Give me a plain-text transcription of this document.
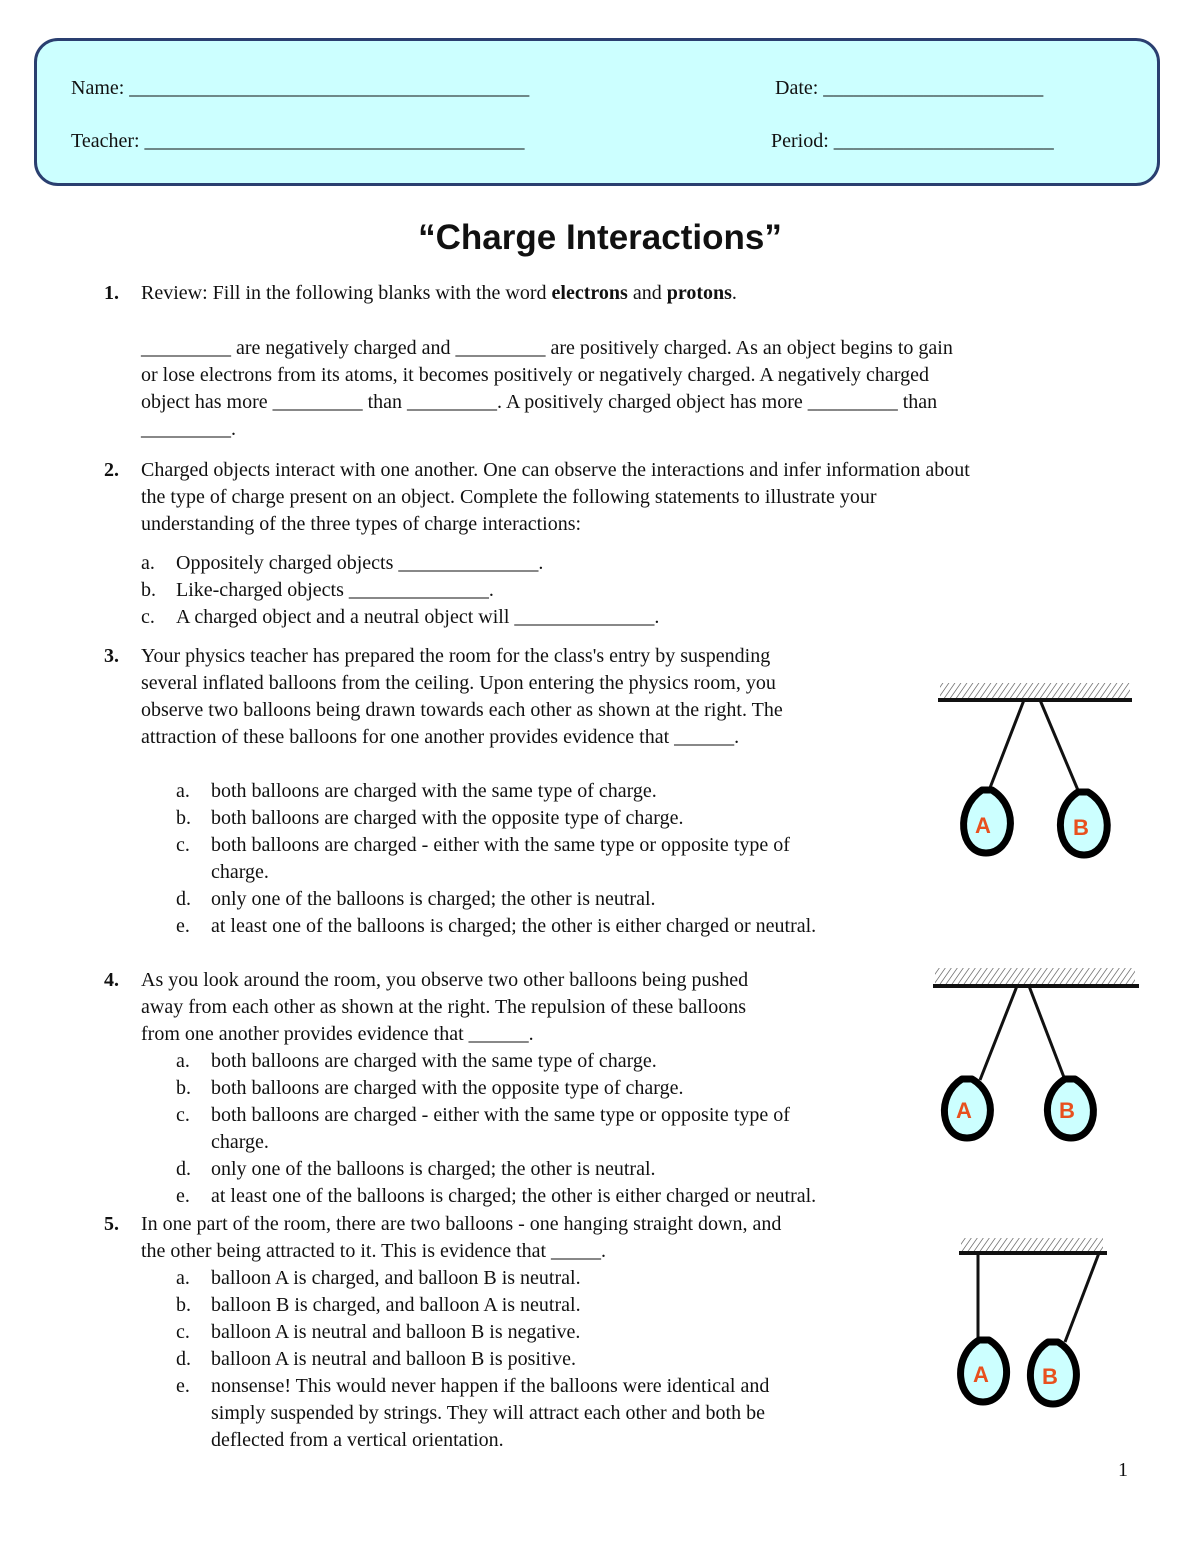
Name: ________________________________________	Date: ______________________
Teacher: ______________________________________	Period: ______________________
“Charge Interactions”
1. Review: Fill in the following blanks with the word electrons and protons.
_________ are negatively charged and _________ are positively charged. As an object begins to gain
or lose electrons from its atoms, it becomes positively or negatively charged. A negatively charged
object has more _________ than _________. A positively charged object has more _________ than
_________.
2. Charged objects interact with one another. One can observe the interactions and infer information about
the type of charge present on an object. Complete the following statements to illustrate your
understanding of the three types of charge interactions:
a. Oppositely charged objects ______________.
b. Like-charged objects ______________.
c. A charged object and a neutral object will ______________.
3. Your physics teacher has prepared the room for the class's entry by suspending
several inflated balloons from the ceiling. Upon entering the physics room, you
observe two balloons being drawn towards each other as shown at the right. The
attraction of these balloons for one another provides evidence that ______.
a. both balloons are charged with the same type of charge.
b. both balloons are charged with the opposite type of charge.
c. both balloons are charged - either with the same type or opposite type of
charge.
d. only one of the balloons is charged; the other is neutral.
e. at least one of the balloons is charged; the other is either charged or neutral.
4. As you look around the room, you observe two other balloons being pushed
away from each other as shown at the right. The repulsion of these balloons
from one another provides evidence that ______.
a. both balloons are charged with the same type of charge.
b. both balloons are charged with the opposite type of charge.
c. both balloons are charged - either with the same type or opposite type of
charge.
d. only one of the balloons is charged; the other is neutral.
e. at least one of the balloons is charged; the other is either charged or neutral.
5. In one part of the room, there are two balloons - one hanging straight down, and
the other being attracted to it. This is evidence that _____.
a. balloon A is charged, and balloon B is neutral.
b. balloon B is charged, and balloon A is neutral.
c. balloon A is neutral and balloon B is negative.
d. balloon A is neutral and balloon B is positive.
e. nonsense! This would never happen if the balloons were identical and
simply suspended by strings. They will attract each other and both be
deflected from a vertical orientation.
1
A	B
A	B
A B
